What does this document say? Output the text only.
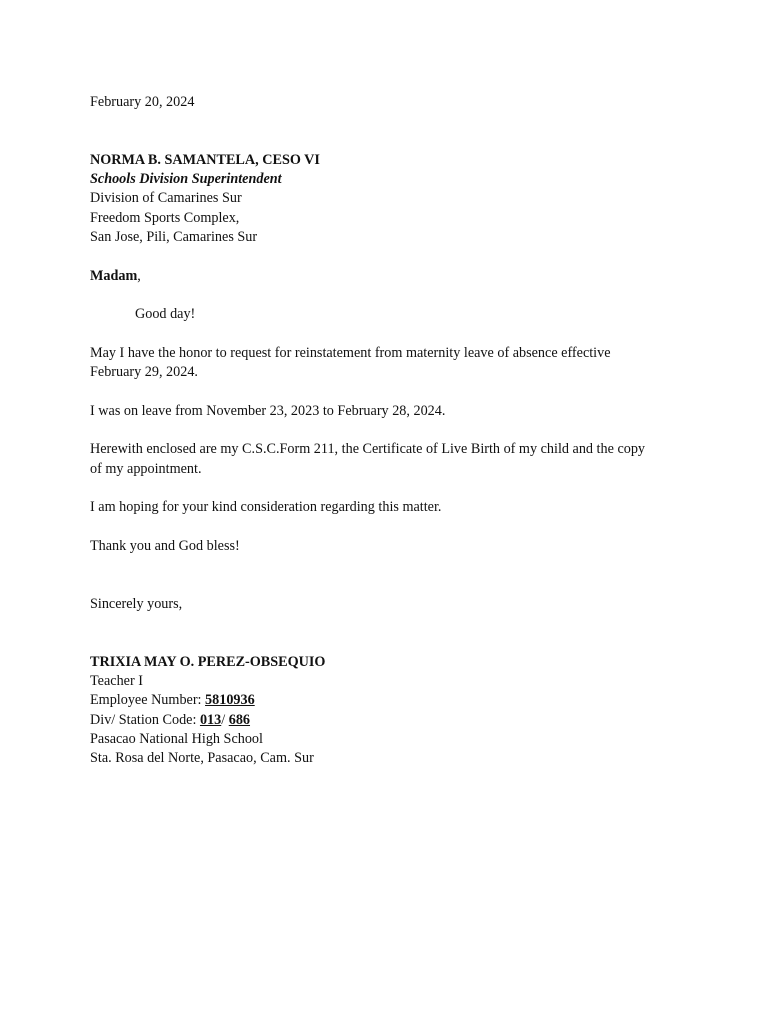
February 20, 2024
NORMA B. SAMANTELA, CESO VI
Schools Division Superintendent
Division of Camarines Sur
Freedom Sports Complex,
San Jose, Pili, Camarines Sur
Madam,
Good day!
May I have the honor to request for reinstatement from maternity leave of absence effective February 29, 2024.
I was on leave from November 23, 2023 to February 28, 2024.
Herewith enclosed are my C.S.C.Form 211, the Certificate of Live Birth of my child and the copy of my appointment.
I am hoping for your kind consideration regarding this matter.
Thank you and God bless!
Sincerely yours,
TRIXIA MAY O. PEREZ-OBSEQUIO
Teacher I
Employee Number: 5810936
Div/ Station Code: 013/ 686
Pasacao National High School
Sta. Rosa del Norte, Pasacao, Cam. Sur
